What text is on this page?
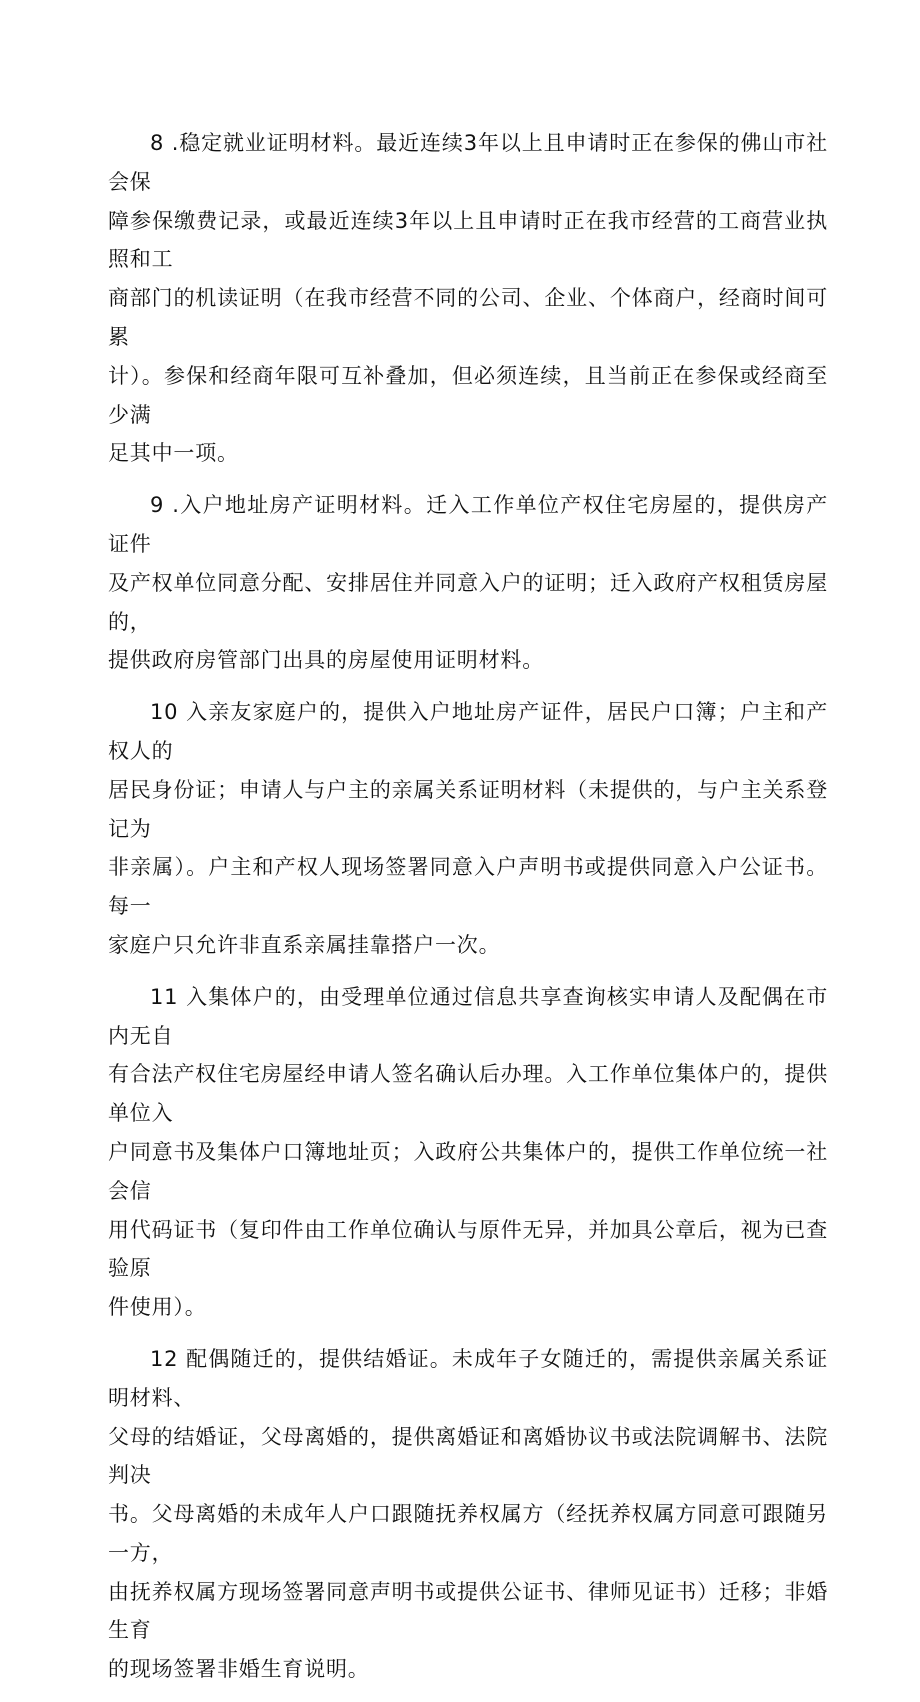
8 .稳定就业证明材料。最近连续3年以上且申请时正在参保的佛山市社会保
障参保缴费记录，或最近连续3年以上且申请时正在我市经营的工商营业执照和工
商部门的机读证明（在我市经营不同的公司、企业、个体商户，经商时间可累
计）。参保和经商年限可互补叠加，但必须连续，且当前正在参保或经商至少满
足其中一项。

9 .入户地址房产证明材料。迁入工作单位产权住宅房屋的，提供房产证件
及产权单位同意分配、安排居住并同意入户的证明；迁入政府产权租赁房屋的，
提供政府房管部门出具的房屋使用证明材料。

10 入亲友家庭户的，提供入户地址房产证件，居民户口簿；户主和产权人的
居民身份证；申请人与户主的亲属关系证明材料（未提供的，与户主关系登记为
非亲属）。户主和产权人现场签署同意入户声明书或提供同意入户公证书。每一
家庭户只允许非直系亲属挂靠搭户一次。

11 入集体户的，由受理单位通过信息共享查询核实申请人及配偶在市内无自
有合法产权住宅房屋经申请人签名确认后办理。入工作单位集体户的，提供单位入
户同意书及集体户口簿地址页；入政府公共集体户的，提供工作单位统一社会信
用代码证书（复印件由工作单位确认与原件无异，并加具公章后，视为已查验原
件使用）。

12 配偶随迁的，提供结婚证。未成年子女随迁的，需提供亲属关系证明材料、
父母的结婚证，父母离婚的，提供离婚证和离婚协议书或法院调解书、法院判决
书。父母离婚的未成年人户口跟随抚养权属方（经抚养权属方同意可跟随另一方，
由抚养权属方现场签署同意声明书或提供公证书、律师见证书）迁移；非婚生育
的现场签署非婚生育说明。
